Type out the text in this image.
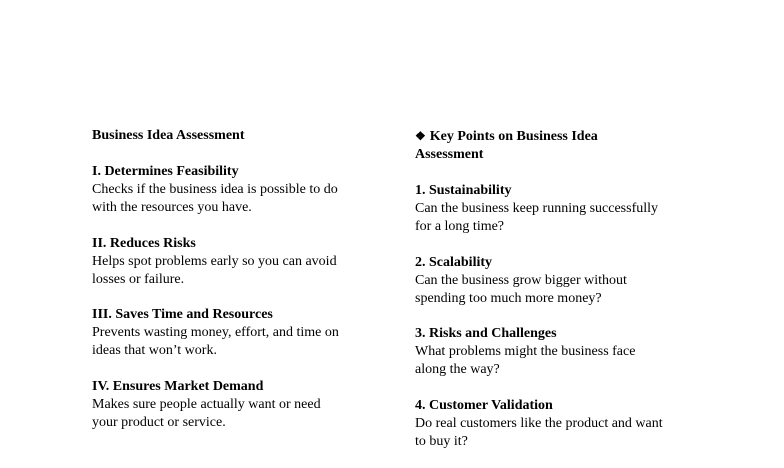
Business Idea Assessment
I. Determines Feasibility
Checks if the business idea is possible to do
with the resources you have.
II. Reduces Risks
Helps spot problems early so you can avoid
losses or failure.
III. Saves Time and Resources
Prevents wasting money, effort, and time on
ideas that won’t work.
IV. Ensures Market Demand
Makes sure people actually want or need
your product or service.
❖ Key Points on Business Idea
Assessment
1. Sustainability
Can the business keep running successfully
for a long time?
2. Scalability
Can the business grow bigger without
spending too much more money?
3. Risks and Challenges
What problems might the business face
along the way?
4. Customer Validation
Do real customers like the product and want
to buy it?
